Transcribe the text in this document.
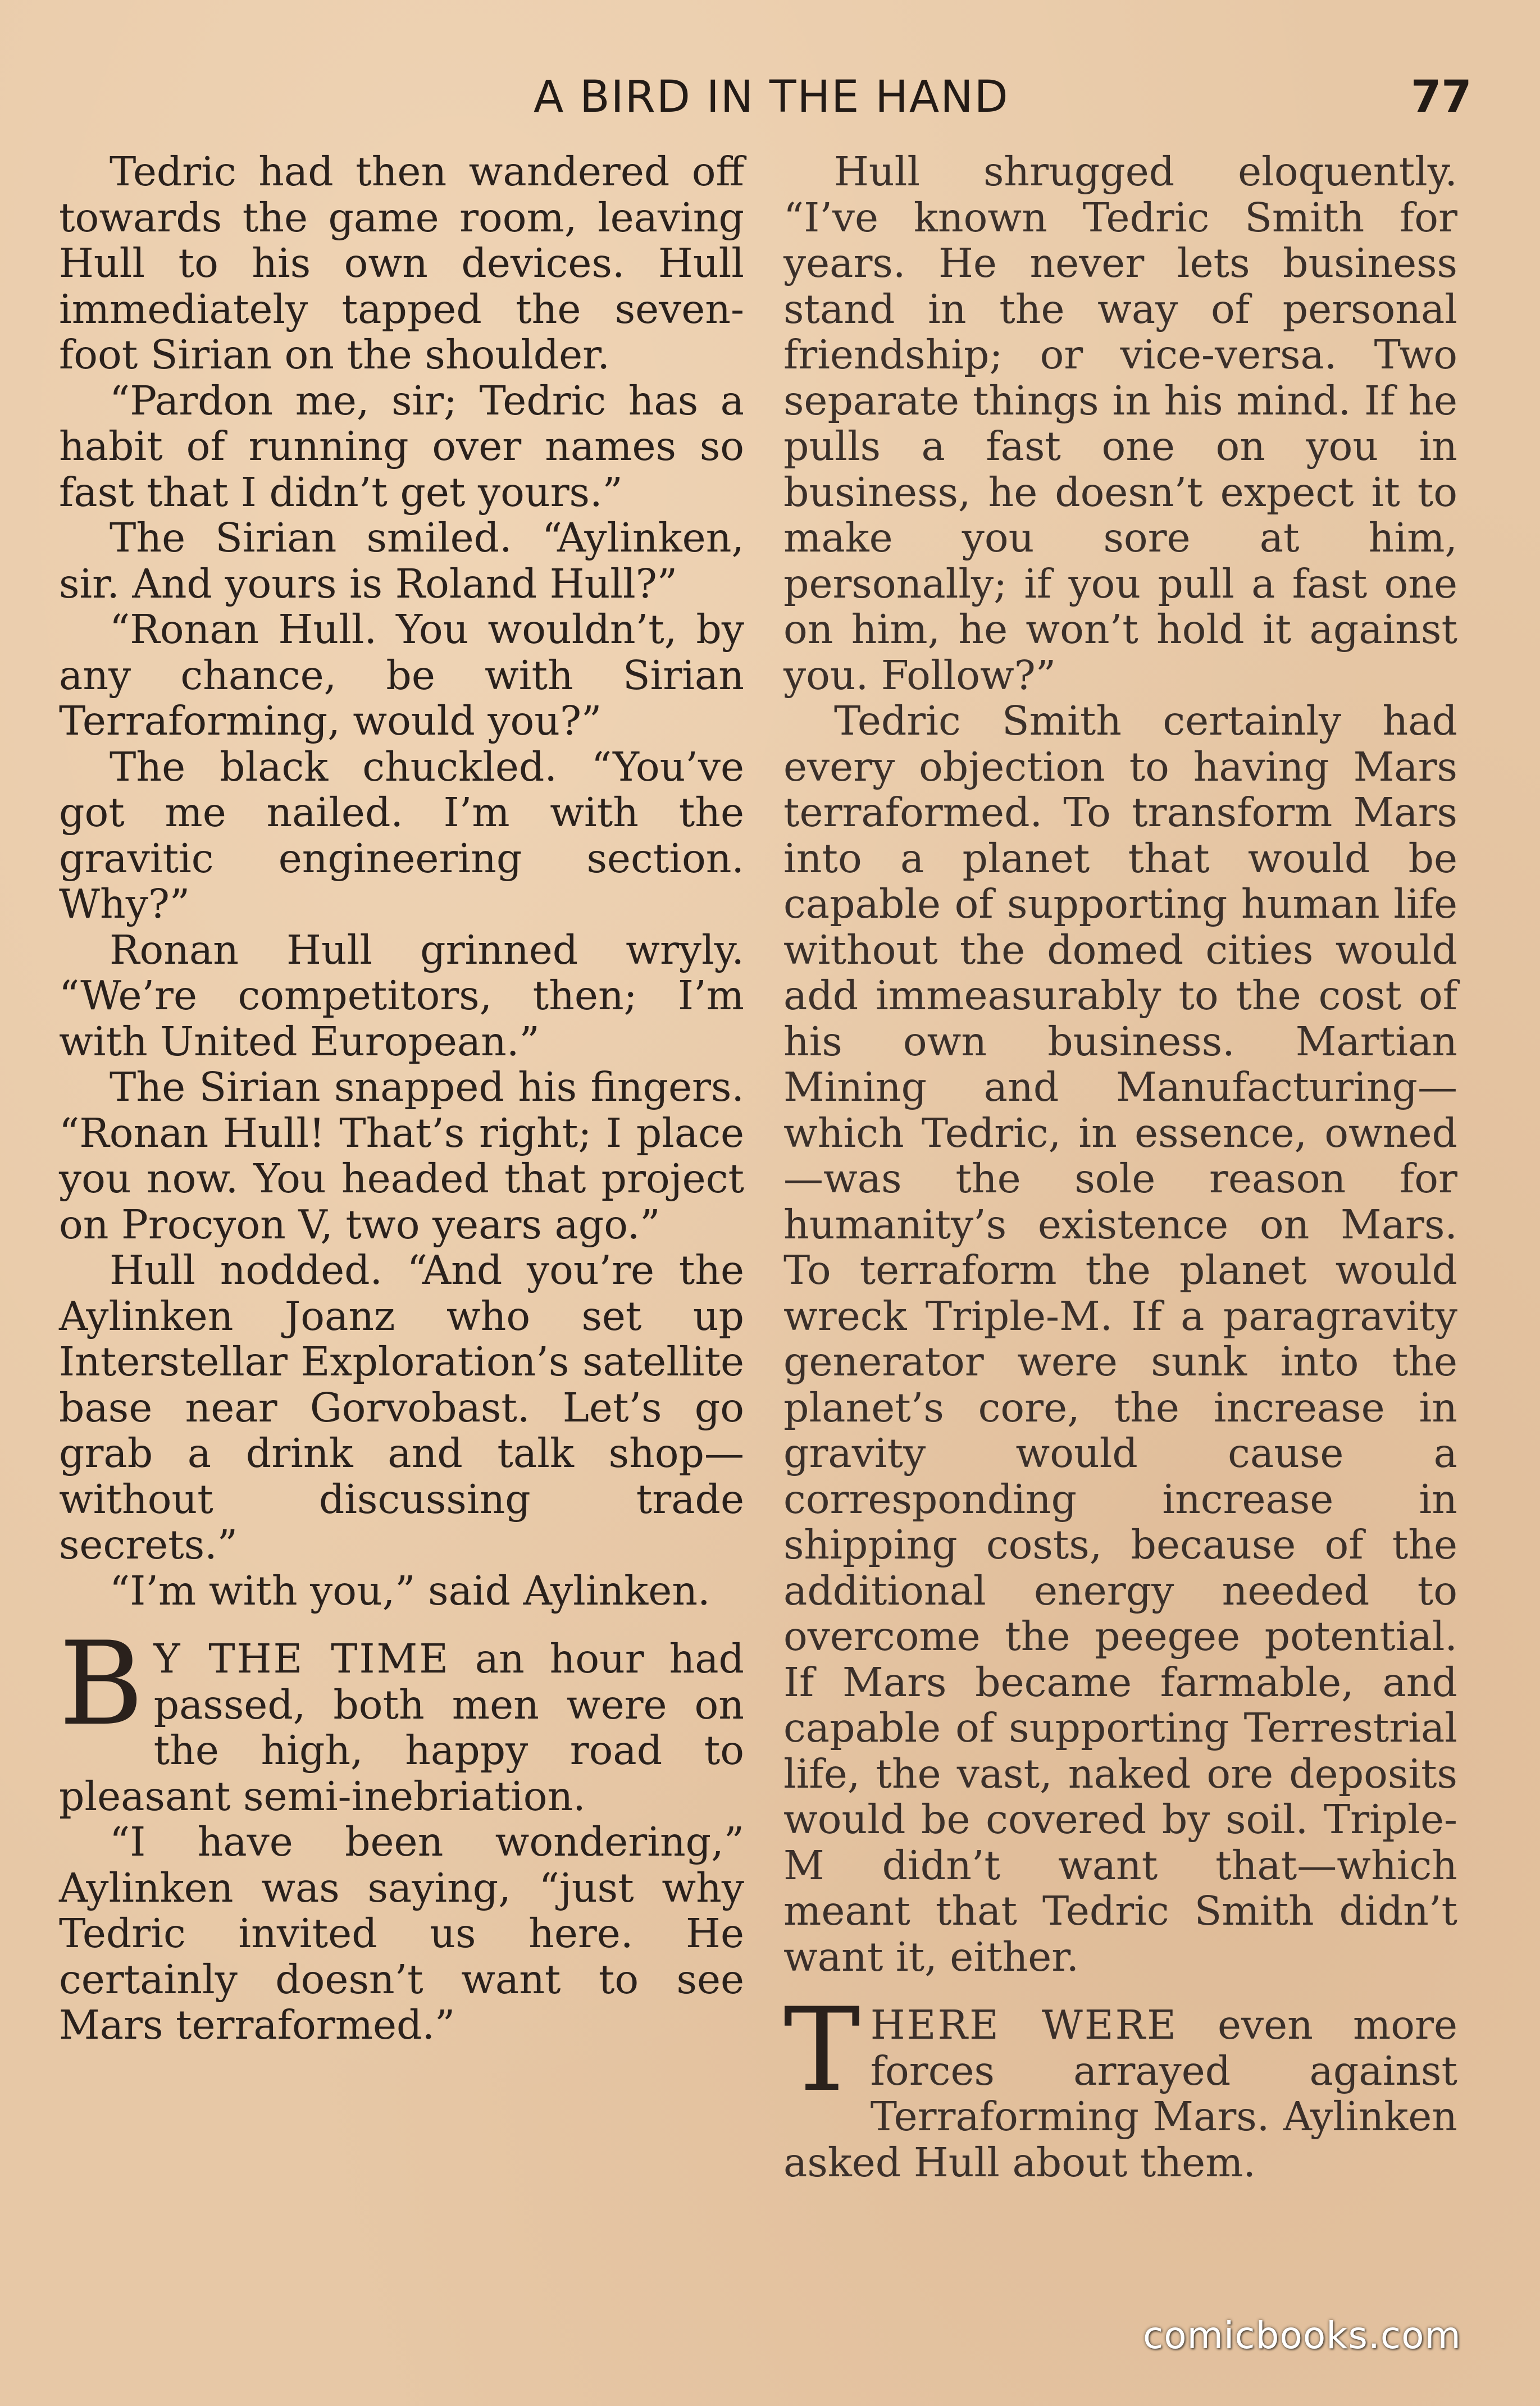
A BIRD IN THE HAND	77

Tedric had then wandered off towards the game room, leaving Hull to his own devices. Hull immediately tapped the seven-foot Sirian on the shoulder.

“Pardon me, sir; Tedric has a habit of running over names so fast that I didn’t get yours.”

The Sirian smiled. “Aylinken, sir. And yours is Roland Hull?”

“Ronan Hull. You wouldn’t, by any chance, be with Sirian Terraforming, would you?”

The black chuckled. “You’ve got me nailed. I’m with the gravitic engineering section. Why?”

Ronan Hull grinned wryly. “We’re competitors, then; I’m with United European.”

The Sirian snapped his fingers. “Ronan Hull! That’s right; I place you now. You headed that project on Procyon V, two years ago.”

Hull nodded. “And you’re the Aylinken Joanz who set up Interstellar Exploration’s satellite base near Gorvobast. Let’s go grab a drink and talk shop—without discussing trade secrets.”

“I’m with you,” said Aylinken.

B Y THE TIME an hour had passed, both men were on the high, happy road to pleasant semi-inebriation.

“I have been wondering,” Aylinken was saying, “just why Tedric invited us here. He certainly doesn’t want to see Mars terraformed.”

Hull shrugged eloquently. “I’ve known Tedric Smith for years. He never lets business stand in the way of personal friendship; or vice-versa. Two separate things in his mind. If he pulls a fast one on you in business, he doesn’t expect it to make you sore at him, personally; if you pull a fast one on him, he won’t hold it against you. Follow?”

Tedric Smith certainly had every objection to having Mars terraformed. To transform Mars into a planet that would be capable of supporting human life without the domed cities would add immeasurably to the cost of his own business. Martian Mining and Manufacturing—which Tedric, in essence, owned—was the sole reason for humanity’s existence on Mars. To terraform the planet would wreck Triple-M. If a paragravity generator were sunk into the planet’s core, the increase in gravity would cause a corresponding increase in shipping costs, because of the additional energy needed to overcome the peegee potential. If Mars became farmable, and capable of supporting Terrestrial life, the vast, naked ore deposits would be covered by soil. Triple-M didn’t want that—which meant that Tedric Smith didn’t want it, either.

THERE WERE even more forces arrayed against Terraforming Mars. Aylinken asked Hull about them.

comicbooks.com
